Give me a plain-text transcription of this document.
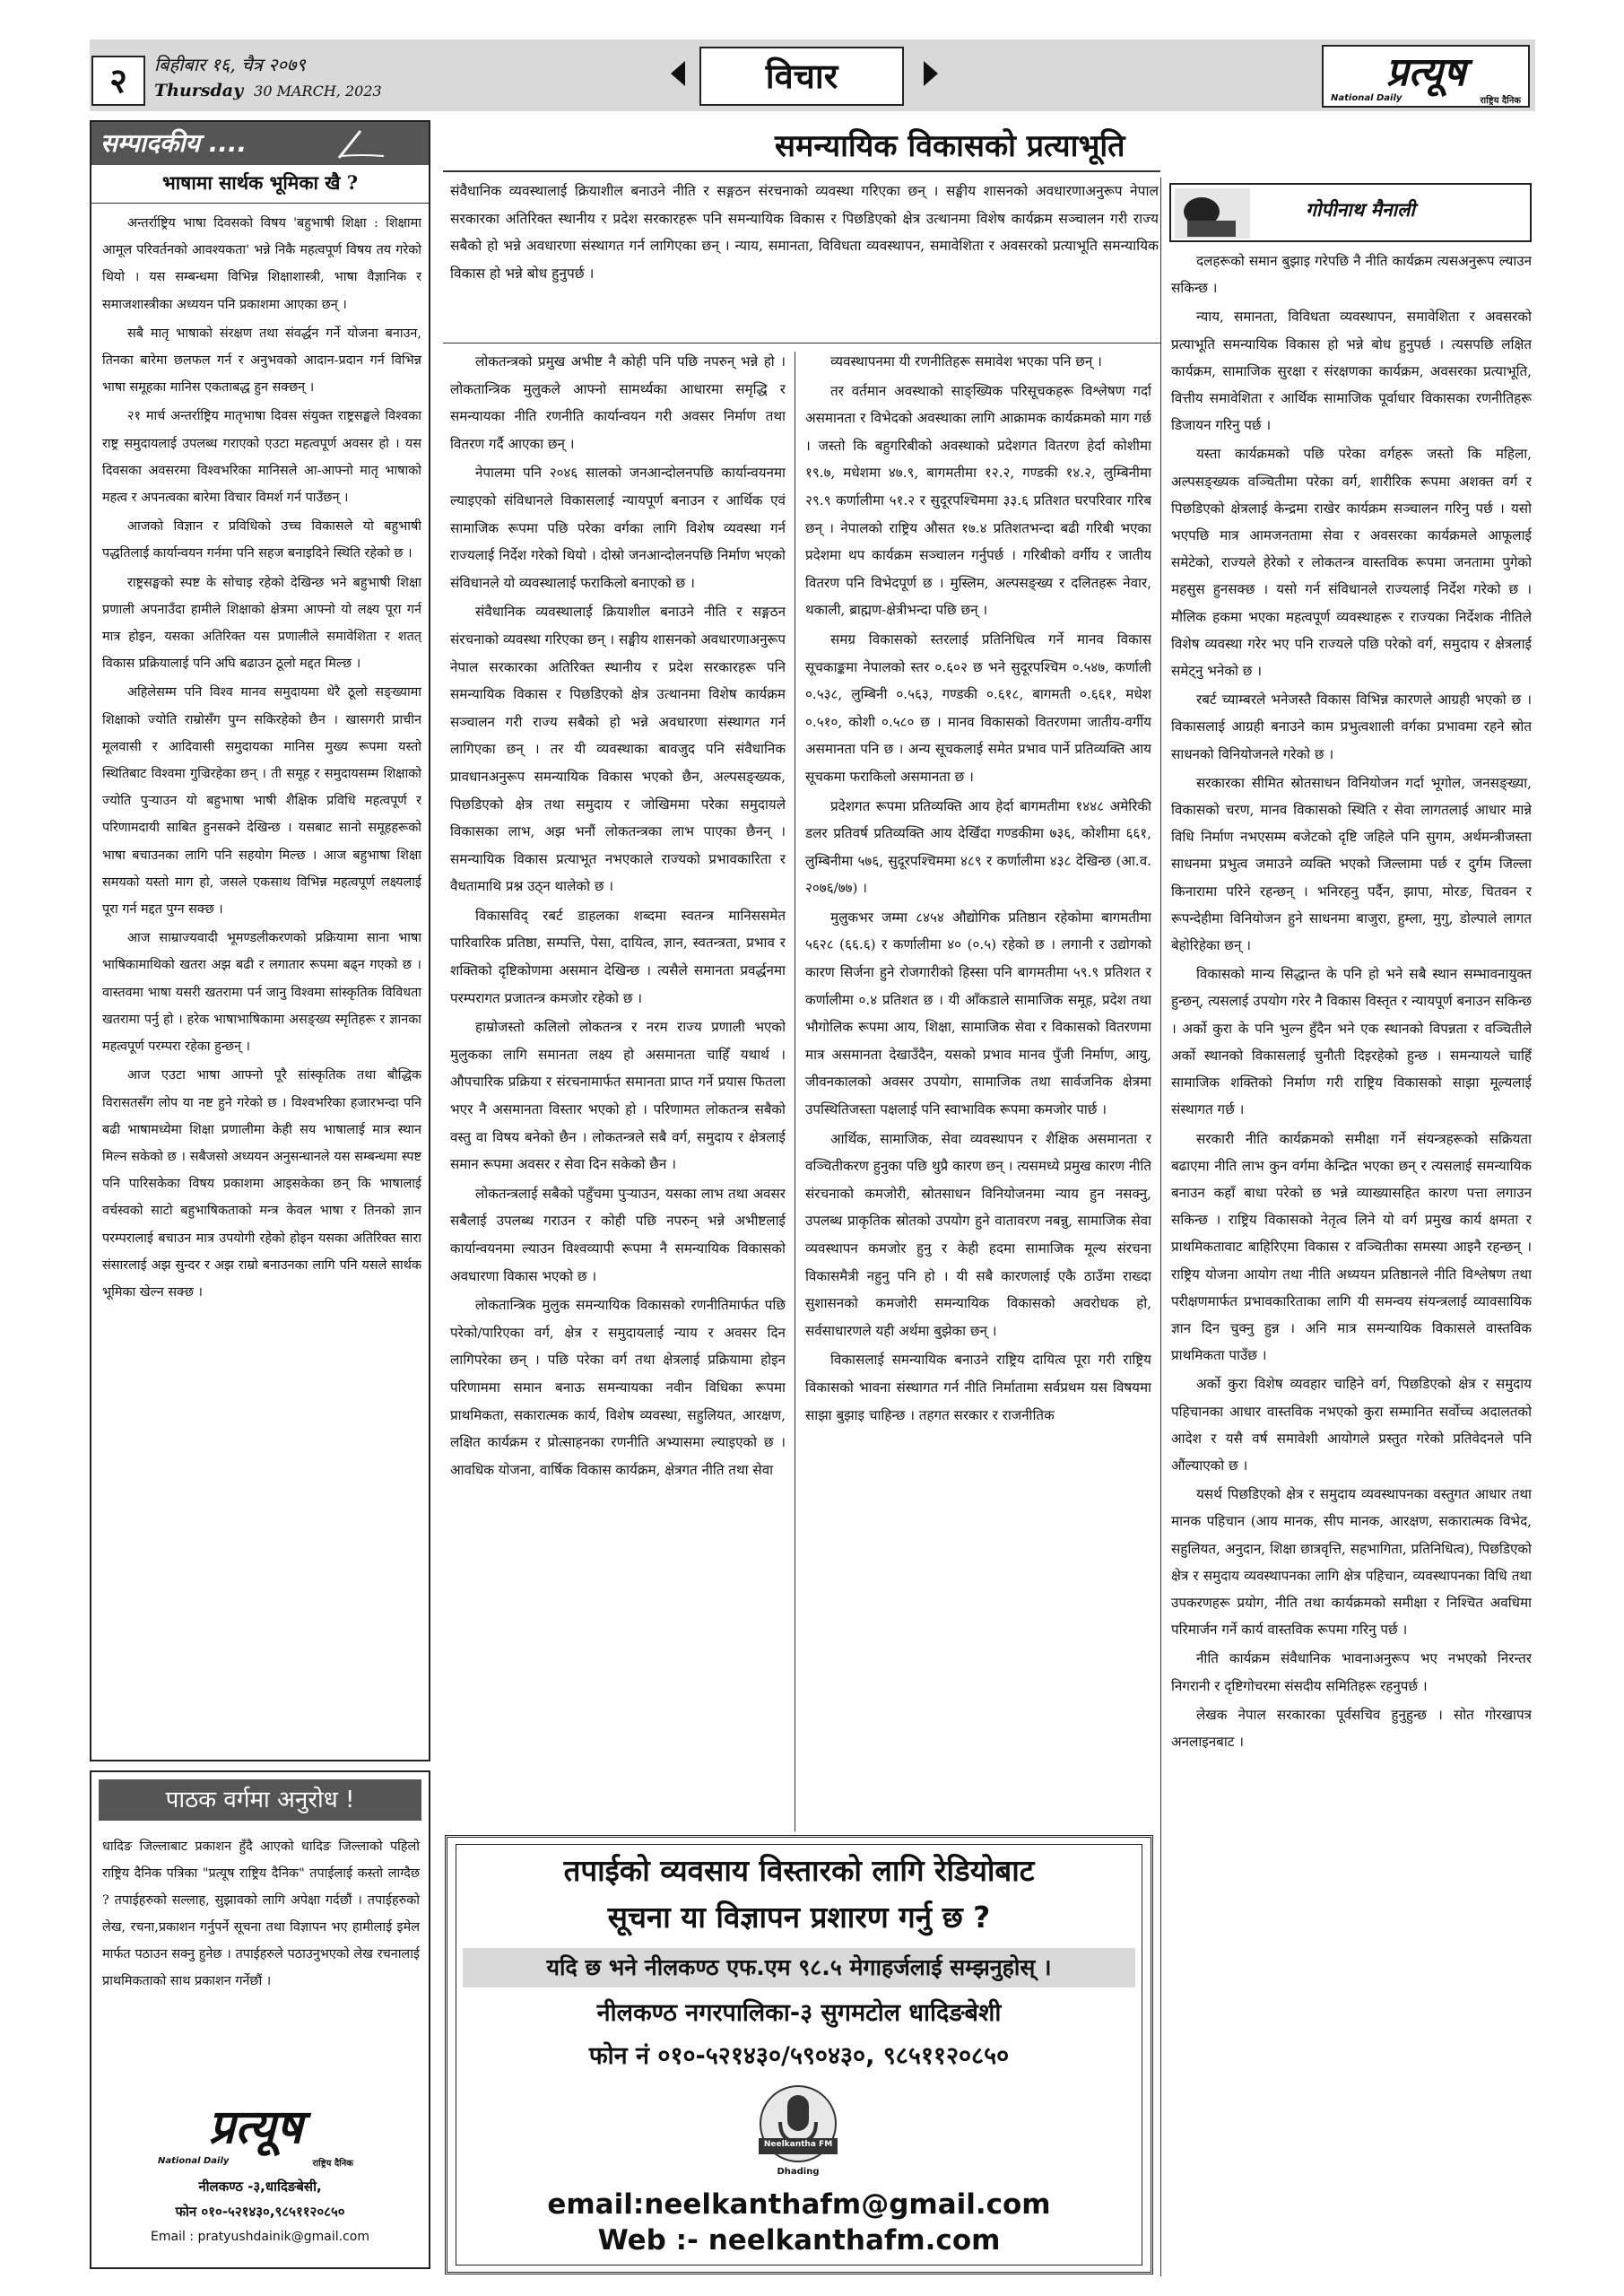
२	बिहीबार १६, चैत्र २०७९
Thursday 30 MARCH, 2023	विचार	प्रत्यूष
National Daily	राष्ट्रिय दैनिक
सम्पादकीय ....
भाषामा सार्थक भूमिका खै ?

अन्तर्राष्ट्रिय भाषा दिवसको विषय 'बहुभाषी शिक्षा : शिक्षामा आमूल परिवर्तनको आवश्यकता' भन्ने निकै महत्वपूर्ण विषय तय गरेको थियो । यस सम्बन्धमा विभिन्न शिक्षाशास्त्री, भाषा वैज्ञानिक र समाजशास्त्रीका अध्ययन पनि प्रकाशमा आएका छन् ।

सबै मातृ भाषाको संरक्षण तथा संवर्द्धन गर्ने योजना बनाउन, तिनका बारेमा छलफल गर्न र अनुभवको आदान-प्रदान गर्न विभिन्न भाषा समूहका मानिस एकताबद्ध हुन सक्छन् ।

२१ मार्च अन्तर्राष्ट्रिय मातृभाषा दिवस संयुक्त राष्ट्रसङ्घले विश्वका राष्ट्र समुदायलाई उपलब्ध गराएको एउटा महत्वपूर्ण अवसर हो । यस दिवसका अवसरमा विश्वभरिका मानिसले आ-आफ्नो मातृ भाषाको महत्व र अपनत्वका बारेमा विचार विमर्श गर्न पाउँछन् ।

आजको विज्ञान र प्रविधिको उच्च विकासले यो बहुभाषी पद्धतिलाई कार्यान्वयन गर्नमा पनि सहज बनाइदिने स्थिति रहेको छ ।

राष्ट्रसङ्घको स्पष्ट के सोचाइ रहेको देखिन्छ भने बहुभाषी शिक्षा प्रणाली अपनाउँदा हामीले शिक्षाको क्षेत्रमा आफ्नो यो लक्ष्य पूरा गर्न मात्र होइन, यसका अतिरिक्त यस प्रणालीले समावेशिता र शतत् विकास प्रक्रियालाई पनि अघि बढाउन ठूलो मद्दत मिल्छ ।

अहिलेसम्म पनि विश्व मानव समुदायमा धेरै ठूलो सङ्ख्यामा शिक्षाको ज्योति राम्रोसँग पुग्न सकिरहेको छैन । खासगरी प्राचीन मूलवासी र आदिवासी समुदायका मानिस मुख्य रूपमा यस्तो स्थितिबाट विश्वमा गुज्रिरहेका छन् । ती समूह र समुदायसम्म शिक्षाको ज्योति पुर्‍याउन यो बहुभाषा भाषी शैक्षिक प्रविधि महत्वपूर्ण र परिणामदायी साबित हुनसक्ने देखिन्छ । यसबाट सानो समूहहरूको भाषा बचाउनका लागि पनि सहयोग मिल्छ । आज बहुभाषा शिक्षा समयको यस्तो माग हो, जसले एकसाथ विभिन्न महत्वपूर्ण लक्ष्यलाई पूरा गर्न मद्दत पुग्न सक्छ ।

आज साम्राज्यवादी भूमण्डलीकरणको प्रक्रियामा साना भाषा भाषिकामाथिको खतरा अझ बढी र लगातार रूपमा बढ्न गएको छ । वास्तवमा भाषा यसरी खतरामा पर्न जानु विश्वमा सांस्कृतिक विविधता खतरामा पर्नु हो । हरेक भाषाभाषिकामा असङ्ख्य स्मृतिहरू र ज्ञानका महत्वपूर्ण परम्परा रहेका हुन्छन् ।

आज एउटा भाषा आफ्नो पूरै सांस्कृतिक तथा बौद्धिक विरासतसँग लोप या नष्ट हुने गरेको छ । विश्वभरिका हजारभन्दा पनि बढी भाषामध्येमा शिक्षा प्रणालीमा केही सय भाषालाई मात्र स्थान मिल्न सकेको छ । सबैजसो अध्ययन अनुसन्धानले यस सम्बन्धमा स्पष्ट पनि पारिसकेका विषय प्रकाशमा आइसकेका छन् कि भाषालाई वर्चस्वको साटो बहुभाषिकताको मन्त्र केवल भाषा र तिनको ज्ञान परम्परालाई बचाउन मात्र उपयोगी रहेको होइन यसका अतिरिक्त सारा संसारलाई अझ सुन्दर र अझ राम्रो बनाउनका लागि पनि यसले सार्थक भूमिका खेल्न सक्छ ।

पाठक वर्गमा अनुरोध !
धादिङ जिल्लाबाट प्रकाशन हुँदै आएको धादिङ जिल्लाको पहिलो राष्ट्रिय दैनिक पत्रिका "प्रत्यूष राष्ट्रिय दैनिक" तपाईलाई कस्तो लाग्दैछ ? तपाईहरुको सल्लाह, सुझावको लागि अपेक्षा गर्दछौं । तपाईहरुको लेख, रचना,प्रकाशन गर्नुपर्ने सूचना तथा विज्ञापन भए हामीलाई इमेल मार्फत पठाउन सक्नु हुनेछ । तपाईहरुले पठाउनुभएको लेख रचनालाई प्राथमिकताको साथ प्रकाशन गर्नेछौं ।
प्रत्यूष
National Daily	राष्ट्रिय दैनिक
नीलकण्ठ -३,धादिङबेसी,
फोन ०१०-५२१४३०,९८५११२०८५०
Email : pratyushdainik@gmail.com
समन्यायिक विकासको प्रत्याभूति
गोपीनाथ मैनाली
संवैधानिक व्यवस्थालाई क्रियाशील बनाउने नीति र सङ्गठन संरचनाको व्यवस्था गरिएका छन् । सङ्घीय शासनको अवधारणाअनुरूप नेपाल सरकारका अतिरिक्त स्थानीय र प्रदेश सरकारहरू पनि समन्यायिक विकास र पिछडिएको क्षेत्र उत्थानमा विशेष कार्यक्रम सञ्चालन गरी राज्य सबैको हो भन्ने अवधारणा संस्थागत गर्न लागिएका छन् । न्याय, समानता, विविधता व्यवस्थापन, समावेशिता र अवसरको प्रत्याभूति समन्यायिक विकास हो भन्ने बोध हुनुपर्छ ।

लोकतन्त्रको प्रमुख अभीष्ट नै कोही पनि पछि नपरुन् भन्ने हो । लोकतान्त्रिक मुलुकले आफ्नो सामर्थ्यका आधारमा समृद्धि र समन्यायका नीति रणनीति कार्यान्वयन गरी अवसर निर्माण तथा वितरण गर्दै आएका छन् ।

नेपालमा पनि २०४६ सालको जनआन्दोलनपछि कार्यान्वयनमा ल्याइएको संविधानले विकासलाई न्यायपूर्ण बनाउन र आर्थिक एवं सामाजिक रूपमा पछि परेका वर्गका लागि विशेष व्यवस्था गर्न राज्यलाई निर्देश गरेको थियो । दोस्रो जनआन्दोलनपछि निर्माण भएको संविधानले यो व्यवस्थालाई फराकिलो बनाएको छ ।

संवैधानिक व्यवस्थालाई क्रियाशील बनाउने नीति र सङ्गठन संरचनाको व्यवस्था गरिएका छन् । सङ्घीय शासनको अवधारणाअनुरूप नेपाल सरकारका अतिरिक्त स्थानीय र प्रदेश सरकारहरू पनि समन्यायिक विकास र पिछडिएको क्षेत्र उत्थानमा विशेष कार्यक्रम सञ्चालन गरी राज्य सबैको हो भन्ने अवधारणा संस्थागत गर्न लागिएका छन् । तर यी व्यवस्थाका बावजुद पनि संवैधानिक प्रावधानअनुरूप समन्यायिक विकास भएको छैन, अल्पसङ्ख्यक, पिछडिएको क्षेत्र तथा समुदाय र जोखिममा परेका समुदायले विकासका लाभ, अझ भनौं लोकतन्त्रका लाभ पाएका छैनन् । समन्यायिक विकास प्रत्याभूत नभएकाले राज्यको प्रभावकारिता र वैधतामाथि प्रश्न उठ्न थालेको छ ।

विकासविद् रबर्ट डाहलका शब्दमा स्वतन्त्र मानिससमेत पारिवारिक प्रतिष्ठा, सम्पत्ति, पेसा, दायित्व, ज्ञान, स्वतन्त्रता, प्रभाव र शक्तिको दृष्टिकोणमा असमान देखिन्छ । त्यसैले समानता प्रवर्द्धनमा परम्परागत प्रजातन्त्र कमजोर रहेको छ ।

हाम्रोजस्तो कलिलो लोकतन्त्र र नरम राज्य प्रणाली भएको मुलुकका लागि समानता लक्ष्य हो असमानता चाहिँ यथार्थ । औपचारिक प्रक्रिया र संरचनामार्फत समानता प्राप्त गर्ने प्रयास फितला भएर नै असमानता विस्तार भएको हो । परिणामत लोकतन्त्र सबैको वस्तु वा विषय बनेको छैन । लोकतन्त्रले सबै वर्ग, समुदाय र क्षेत्रलाई समान रूपमा अवसर र सेवा दिन सकेको छैन ।

लोकतन्त्रलाई सबैको पहुँचमा पुर्‍याउन, यसका लाभ तथा अवसर सबैलाई उपलब्ध गराउन र कोही पछि नपरुन् भन्ने अभीष्टलाई कार्यान्वयनमा ल्याउन विश्वव्यापी रूपमा नै समन्यायिक विकासको अवधारणा विकास भएको छ ।

लोकतान्त्रिक मुलुक समन्यायिक विकासको रणनीतिमार्फत पछि परेको/पारिएका वर्ग, क्षेत्र र समुदायलाई न्याय र अवसर दिन लागिपरेका छन् । पछि परेका वर्ग तथा क्षेत्रलाई प्रक्रियामा होइन परिणाममा समान बनाऊ समन्यायका नवीन विधिका रूपमा प्राथमिकता, सकारात्मक कार्य, विशेष व्यवस्था, सहुलियत, आरक्षण, लक्षित कार्यक्रम र प्रोत्साहनका रणनीति अभ्यासमा ल्याइएको छ । आवधिक योजना, वार्षिक विकास कार्यक्रम, क्षेत्रगत नीति तथा सेवा

व्यवस्थापनमा यी रणनीतिहरू समावेश भएका पनि छन् ।

तर वर्तमान अवस्थाको साङ्ख्यिक परिसूचकहरू विश्लेषण गर्दा असमानता र विभेदको अवस्थाका लागि आक्रामक कार्यक्रमको माग गर्छ । जस्तो कि बहुगरिबीको अवस्थाको प्रदेशगत वितरण हेर्दा कोशीमा १९.७, मधेशमा ४७.९, बागमतीमा १२.२, गण्डकी १४.२, लुम्बिनीमा २९.९ कर्णालीमा ५१.२ र सुदूरपश्चिममा ३३.६ प्रतिशत घरपरिवार गरिब छन् । नेपालको राष्ट्रिय औसत १७.४ प्रतिशतभन्दा बढी गरिबी भएका प्रदेशमा थप कार्यक्रम सञ्चालन गर्नुपर्छ । गरिबीको वर्गीय र जातीय वितरण पनि विभेदपूर्ण छ । मुस्लिम, अल्पसङ्ख्य र दलितहरू नेवार, थकाली, ब्राह्मण-क्षेत्रीभन्दा पछि छन् ।

समग्र विकासको स्तरलाई प्रतिनिधित्व गर्ने मानव विकास सूचकाङ्कमा नेपालको स्तर ०.६०२ छ भने सुदूरपश्चिम ०.५४७, कर्णाली ०.५३८, लुम्बिनी ०.५६३, गण्डकी ०.६१८, बागमती ०.६६१, मधेश ०.५१०, कोशी ०.५८० छ । मानव विकासको वितरणमा जातीय-वर्गीय असमानता पनि छ । अन्य सूचकलाई समेत प्रभाव पार्ने प्रतिव्यक्ति आय सूचकमा फराकिलो असमानता छ ।

प्रदेशगत रूपमा प्रतिव्यक्ति आय हेर्दा बागमतीमा १४४८ अमेरिकी डलर प्रतिवर्ष प्रतिव्यक्ति आय देखिँदा गण्डकीमा ७३६, कोशीमा ६६१, लुम्बिनीमा ५७६, सुदूरपश्चिममा ४८९ र कर्णालीमा ४३८ देखिन्छ (आ.व. २०७६/७७) ।

मुलुकभर जम्मा ८४५४ औद्योगिक प्रतिष्ठान रहेकोमा बागमतीमा ५६२८ (६६.६) र कर्णालीमा ४० (०.५) रहेको छ । लगानी र उद्योगको कारण सिर्जना हुने रोजगारीको हिस्सा पनि बागमतीमा ५९.९ प्रतिशत र कर्णालीमा ०.४ प्रतिशत छ । यी आँकडाले सामाजिक समूह, प्रदेश तथा भौगोलिक रूपमा आय, शिक्षा, सामाजिक सेवा र विकासको वितरणमा मात्र असमानता देखाउँदैन, यसको प्रभाव मानव पुँजी निर्माण, आयु, जीवनकालको अवसर उपयोग, सामाजिक तथा सार्वजनिक क्षेत्रमा उपस्थितिजस्ता पक्षलाई पनि स्वाभाविक रूपमा कमजोर पार्छ ।

आर्थिक, सामाजिक, सेवा व्यवस्थापन र शैक्षिक असमानता र वञ्चितीकरण हुनुका पछि थुप्रै कारण छन् । त्यसमध्ये प्रमुख कारण नीति संरचनाको कमजोरी, स्रोतसाधन विनियोजनमा न्याय हुन नसक्नु, उपलब्ध प्राकृतिक स्रोतको उपयोग हुने वातावरण नबन्नु, सामाजिक सेवा व्यवस्थापन कमजोर हुनु र केही हदमा सामाजिक मूल्य संरचना विकासमैत्री नहुनु पनि हो । यी सबै कारणलाई एकै ठाउँमा राख्दा सुशासनको कमजोरी समन्यायिक विकासको अवरोधक हो, सर्वसाधारणले यही अर्थमा बुझेका छन् ।

विकासलाई समन्यायिक बनाउने राष्ट्रिय दायित्व पूरा गरी राष्ट्रिय विकासको भावना संस्थागत गर्न नीति निर्मातामा सर्वप्रथम यस विषयमा साझा बुझाइ चाहिन्छ । तहगत सरकार र राजनीतिक

दलहरूको समान बुझाइ गरेपछि नै नीति कार्यक्रम त्यसअनुरूप ल्याउन सकिन्छ ।

न्याय, समानता, विविधता व्यवस्थापन, समावेशिता र अवसरको प्रत्याभूति समन्यायिक विकास हो भन्ने बोध हुनुपर्छ । त्यसपछि लक्षित कार्यक्रम, सामाजिक सुरक्षा र संरक्षणका कार्यक्रम, अवसरका प्रत्याभूति, वित्तीय समावेशिता र आर्थिक सामाजिक पूर्वाधार विकासका रणनीतिहरू डिजायन गरिनु पर्छ ।

यस्ता कार्यक्रमको पछि परेका वर्गहरू जस्तो कि महिला, अल्पसङ्ख्यक वञ्चितीमा परेका वर्ग, शारीरिक रूपमा अशक्त वर्ग र पिछडिएको क्षेत्रलाई केन्द्रमा राखेर कार्यक्रम सञ्चालन गरिनु पर्छ । यसो भएपछि मात्र आमजनतामा सेवा र अवसरका कार्यक्रमले आफूलाई समेटेको, राज्यले हेरेको र लोकतन्त्र वास्तविक रूपमा जनतामा पुगेको महसुस हुनसक्छ । यसो गर्न संविधानले राज्यलाई निर्देश गरेको छ । मौलिक हकमा भएका महत्वपूर्ण व्यवस्थाहरू र राज्यका निर्देशक नीतिले विशेष व्यवस्था गरेर भए पनि राज्यले पछि परेको वर्ग, समुदाय र क्षेत्रलाई समेट्नु भनेको छ ।

रबर्ट च्याम्बरले भनेजस्तै विकास विभिन्न कारणले आग्रही भएको छ । विकासलाई आग्रही बनाउने काम प्रभुत्वशाली वर्गका प्रभावमा रहने स्रोत साधनको विनियोजनले गरेको छ ।

सरकारका सीमित स्रोतसाधन विनियोजन गर्दा भूगोल, जनसङ्ख्या, विकासको चरण, मानव विकासको स्थिति र सेवा लागतलाई आधार मान्ने विधि निर्माण नभएसम्म बजेटको दृष्टि जहिले पनि सुगम, अर्थमन्त्रीजस्ता साधनमा प्रभुत्व जमाउने व्यक्ति भएको जिल्लामा पर्छ र दुर्गम जिल्ला किनारामा परिने रहन्छन् । भनिरहनु पर्दैन, झापा, मोरङ, चितवन र रूपन्देहीमा विनियोजन हुने साधनमा बाजुरा, हुम्ला, मुगु, डोल्पाले लागत बेहोरिहेका छन् ।

विकासको मान्य सिद्धान्त के पनि हो भने सबै स्थान सम्भावनायुक्त हुन्छन्, त्यसलाई उपयोग गरेर नै विकास विस्तृत र न्यायपूर्ण बनाउन सकिन्छ । अर्को कुरा के पनि भुल्न हुँदैन भने एक स्थानको विपन्नता र वञ्चितीले अर्को स्थानको विकासलाई चुनौती दिइरहेको हुन्छ । समन्यायले चाहिँ सामाजिक शक्तिको निर्माण गरी राष्ट्रिय विकासको साझा मूल्यलाई संस्थागत गर्छ ।

सरकारी नीति कार्यक्रमको समीक्षा गर्ने संयन्त्रहरूको सक्रियता बढाएमा नीति लाभ कुन वर्गमा केन्द्रित भएका छन् र त्यसलाई समन्यायिक बनाउन कहाँ बाधा परेको छ भन्ने व्याख्यासहित कारण पत्ता लगाउन सकिन्छ । राष्ट्रिय विकासको नेतृत्व लिने यो वर्ग प्रमुख कार्य क्षमता र प्राथमिकतावाट बाहिरिएमा विकास र वञ्चितीका समस्या आइनै रहन्छन् । राष्ट्रिय योजना आयोग तथा नीति अध्ययन प्रतिष्ठानले नीति विश्लेषण तथा परीक्षणमार्फत प्रभावकारिताका लागि यी समन्वय संयन्त्रलाई व्यावसायिक ज्ञान दिन चुक्नु हुन्न । अनि मात्र समन्यायिक विकासले वास्तविक प्राथमिकता पाउँछ ।

अर्को कुरा विशेष व्यवहार चाहिने वर्ग, पिछडिएको क्षेत्र र समुदाय पहिचानका आधार वास्तविक नभएको कुरा सम्मानित सर्वोच्च अदालतको आदेश र यसै वर्ष समावेशी आयोगले प्रस्तुत गरेको प्रतिवेदनले पनि औंल्याएको छ ।

यसर्थ पिछडिएको क्षेत्र र समुदाय व्यवस्थापनका वस्तुगत आधार तथा मानक पहिचान (आय मानक, सीप मानक, आरक्षण, सकारात्मक विभेद, सहुलियत, अनुदान, शिक्षा छात्रवृत्ति, सहभागिता, प्रतिनिधित्व), पिछडिएको क्षेत्र र समुदाय व्यवस्थापनका लागि क्षेत्र पहिचान, व्यवस्थापनका विधि तथा उपकरणहरू प्रयोग, नीति तथा कार्यक्रमको समीक्षा र निश्चित अवधिमा परिमार्जन गर्ने कार्य वास्तविक रूपमा गरिनु पर्छ ।

नीति कार्यक्रम संवैधानिक भावनाअनुरूप भए नभएको निरन्तर निगरानी र दृष्टिगोचरमा संसदीय समितिहरू रहनुपर्छ ।

लेखक नेपाल सरकारका पूर्वसचिव हुनुहुन्छ । सोत गोरखापत्र अनलाइनबाट ।

तपाईको व्यवसाय विस्तारको लागि रेडियोबाट
सूचना या विज्ञापन प्रशारण गर्नु छ ?
यदि छ भने नीलकण्ठ एफ.एम ९८.५ मेगाहर्जलाई सम्झनुहोस् ।
नीलकण्ठ नगरपालिका-३ सुगमटोल धादिङबेशी
फोन नं ०१०-५२१४३०/५९०४३०, ९८५११२०८५०
Neelkantha FM
Dhading
email:neelkanthafm@gmail.com
Web :- neelkanthafm.com
